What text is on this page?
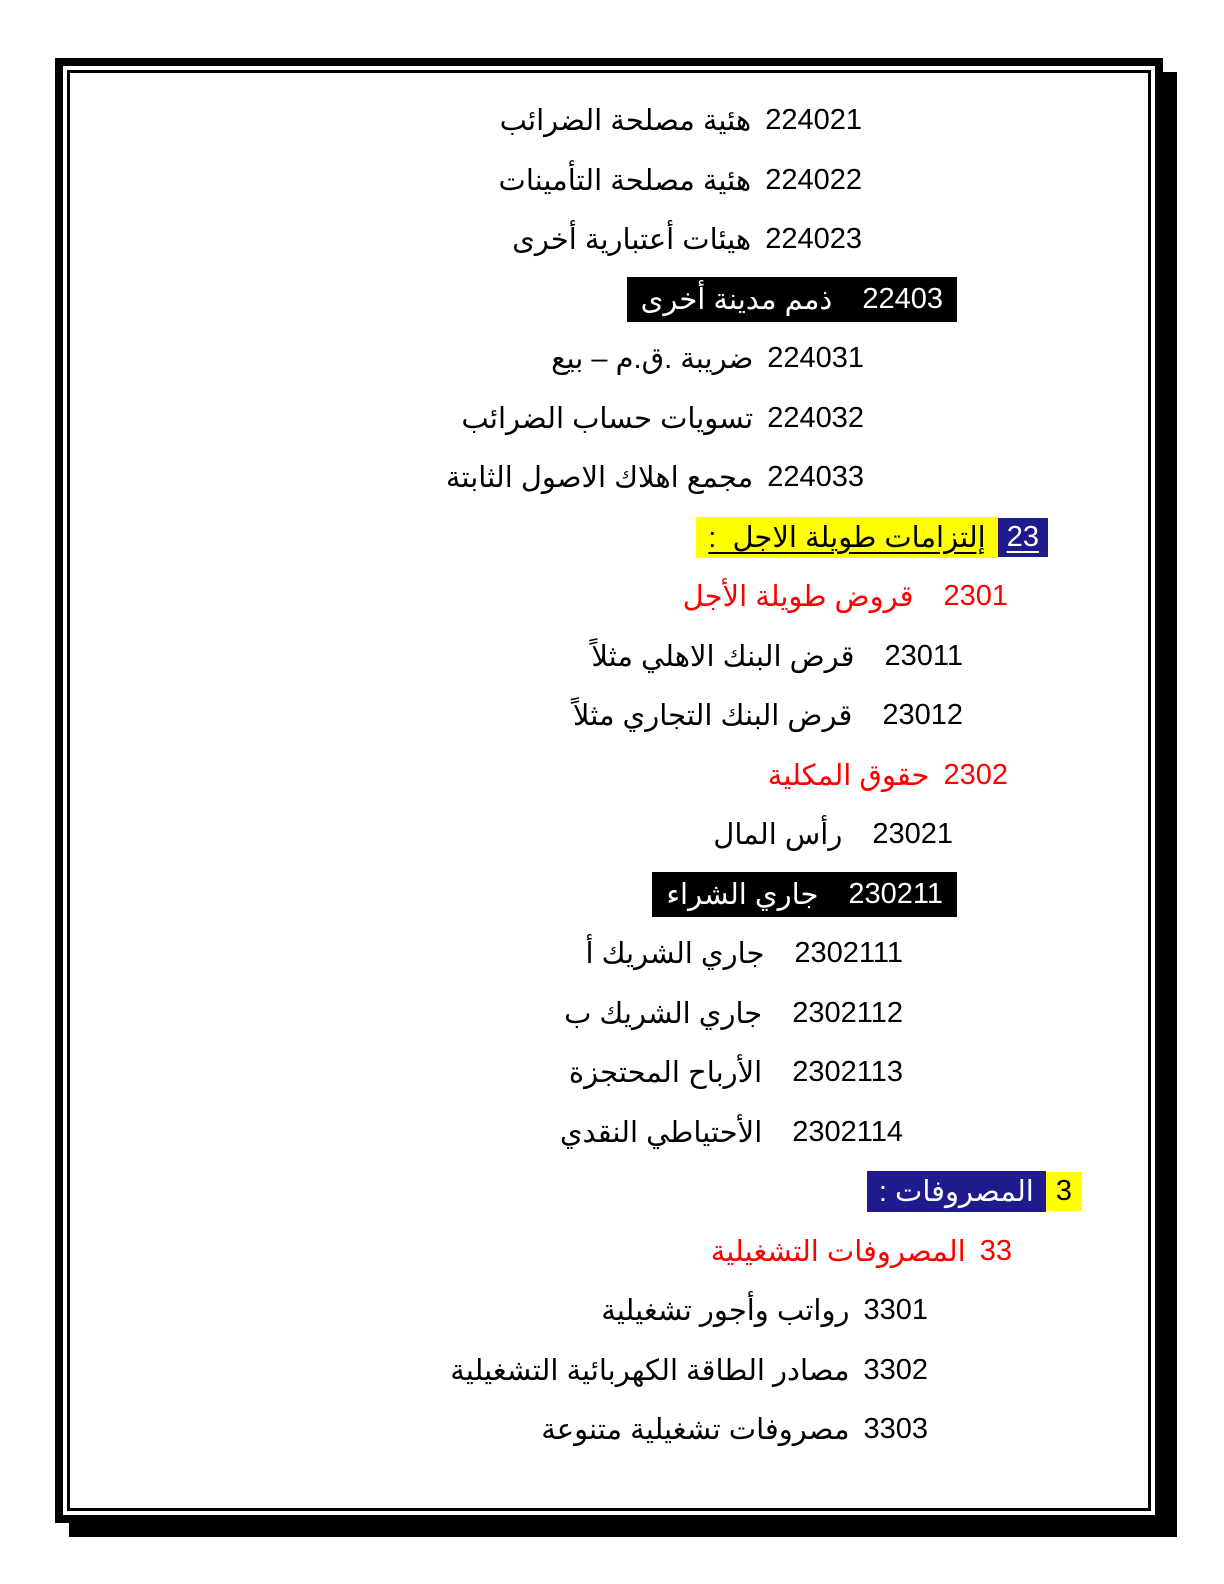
224021
هئية مصلحة الضرائب
224022
هئية مصلحة التأمينات
224023
هيئات أعتبارية أخرى
22403
ذمم مدينة أخرى
224031
ضريبة .ق.م – بيع
224032
تسويات حساب الضرائب
224033
مجمع اهلاك الاصول الثابتة
23
إلتزامات طويلة الاجل  :
2301
قروض طويلة الأجل
23011
قرض البنك الاهلي مثلاً
23012
قرض البنك التجاري مثلاً
2302
حقوق المكلية
23021
رأس المال
230211
جاري الشراء
2302111
جاري الشريك أ
2302112
جاري الشريك ب
2302113
الأرباح المحتجزة
2302114
الأحتياطي النقدي
3
المصروفات :
33
المصروفات التشغيلية
3301
رواتب وأجور تشغيلية
3302
مصادر الطاقة الكهربائية التشغيلية
3303
مصروفات تشغيلية متنوعة
